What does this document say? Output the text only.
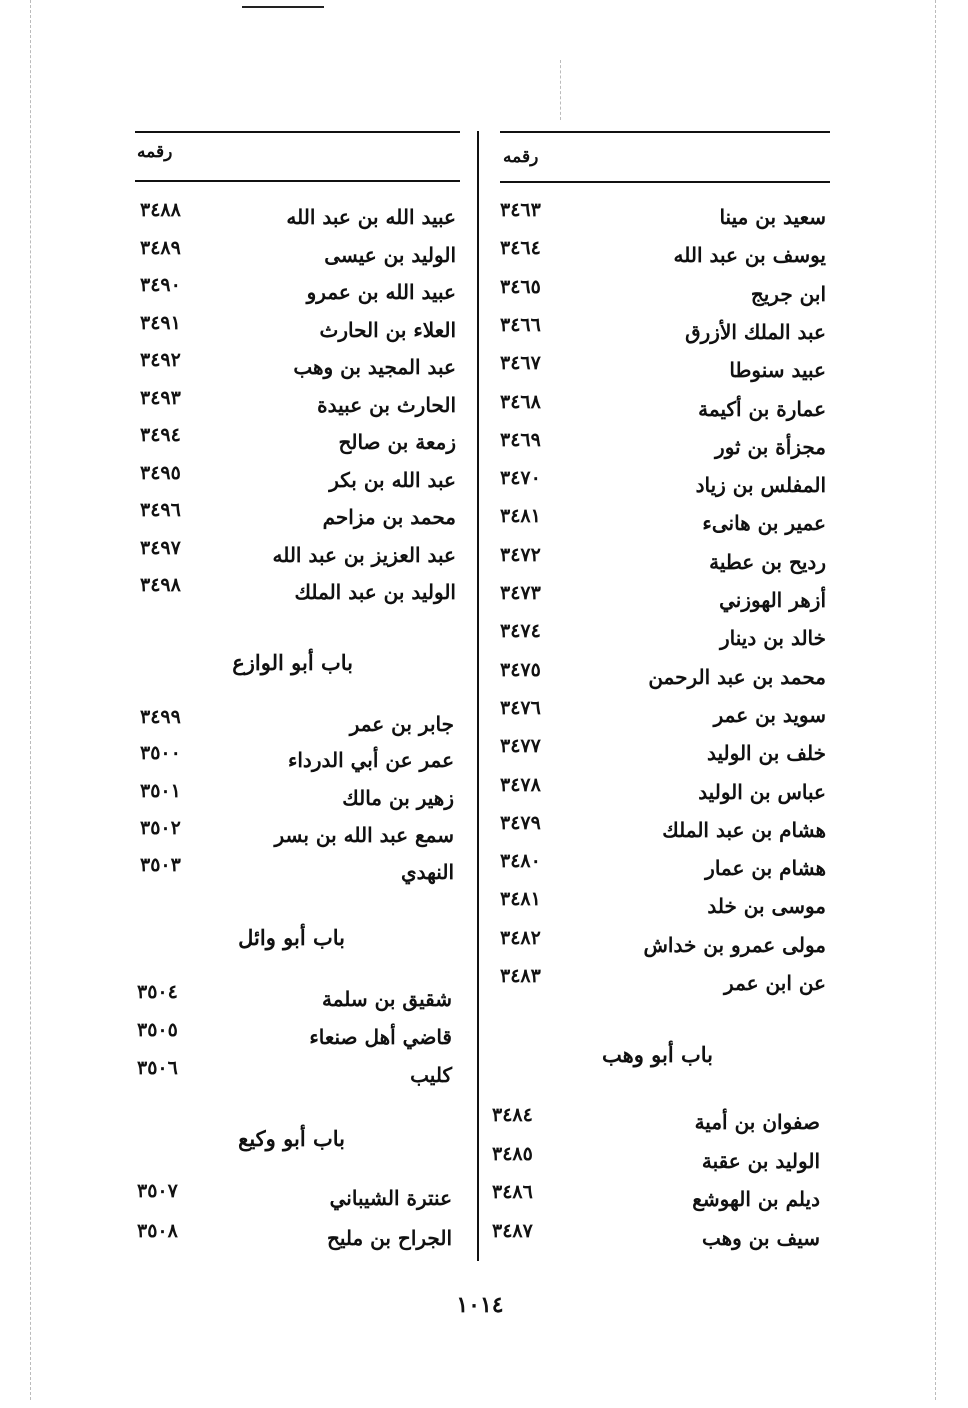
رقمه
رقمه
سعيد بن مينا
٣٤٦٣
يوسف بن عبد الله
٣٤٦٤
ابن جريج
٣٤٦٥
عبد الملك الأزرق
٣٤٦٦
عبيد سنوطا
٣٤٦٧
عمارة بن أكيمة
٣٤٦٨
مجزأة بن ثور
٣٤٦٩
المفلس بن زياد
٣٤٧٠
عمير بن هانىء
٣٤٨١
رديح بن عطية
٣٤٧٢
أزهر الهوزني
٣٤٧٣
خالد بن دينار
٣٤٧٤
محمد بن عبد الرحمن
٣٤٧٥
سويد بن عمر
٣٤٧٦
خلف بن الوليد
٣٤٧٧
عباس بن الوليد
٣٤٧٨
هشام بن عبد الملك
٣٤٧٩
هشام بن عمار
٣٤٨٠
موسى بن خلد
٣٤٨١
مولى عمرو بن خداش
٣٤٨٢
عن ابن عمر
٣٤٨٣
باب أبو وهب
صفوان بن أمية
٣٤٨٤
الوليد بن عقبة
٣٤٨٥
ديلم بن الهوشع
٣٤٨٦
سيف بن وهب
٣٤٨٧
عبيد الله بن عبد الله
٣٤٨٨
الوليد بن عيسى
٣٤٨٩
عبيد الله بن عمرو
٣٤٩٠
العلاء بن الحارث
٣٤٩١
عبد المجيد بن وهب
٣٤٩٢
الحارث بن عبيدة
٣٤٩٣
زمعة بن صالح
٣٤٩٤
عبد الله بن بكر
٣٤٩٥
محمد بن مزاحم
٣٤٩٦
عبد العزيز بن عبد الله
٣٤٩٧
الوليد بن عبد الملك
٣٤٩٨
باب أبو الوازع
جابر بن عمر
٣٤٩٩
عمر عن أبي الدرداء
٣٥٠٠
زهير بن مالك
٣٥٠١
سمع عبد الله بن بسر
٣٥٠٢
النهدي
٣٥٠٣
باب أبو وائل
شقيق بن سلمة
٣٥٠٤
قاضي أهل صنعاء
٣٥٠٥
كليب
٣٥٠٦
باب أبو وكيع
عنترة الشيباني
٣٥٠٧
الجراح بن مليح
٣٥٠٨
١٠١٤
